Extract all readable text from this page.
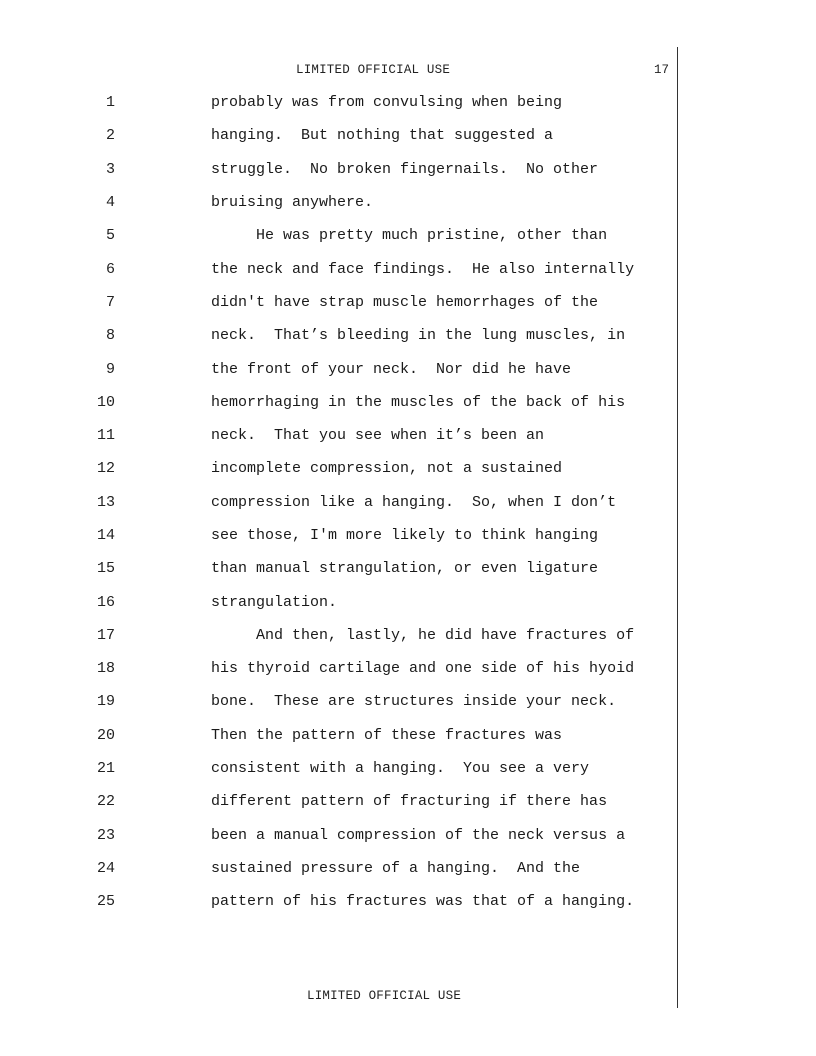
LIMITED OFFICIAL USE	17
1	probably was from convulsing when being
2	hanging.  But nothing that suggested a
3	struggle.  No broken fingernails.  No other
4	bruising anywhere.
5	He was pretty much pristine, other than
6	the neck and face findings.  He also internally
7	didn't have strap muscle hemorrhages of the
8	neck.  That’s bleeding in the lung muscles, in
9	the front of your neck.  Nor did he have
10	hemorrhaging in the muscles of the back of his
11	neck.  That you see when it’s been an
12	incomplete compression, not a sustained
13	compression like a hanging.  So, when I don’t
14	see those, I'm more likely to think hanging
15	than manual strangulation, or even ligature
16	strangulation.
17	And then, lastly, he did have fractures of
18	his thyroid cartilage and one side of his hyoid
19	bone.  These are structures inside your neck.
20	Then the pattern of these fractures was
21	consistent with a hanging.  You see a very
22	different pattern of fracturing if there has
23	been a manual compression of the neck versus a
24	sustained pressure of a hanging.  And the
25	pattern of his fractures was that of a hanging.
LIMITED OFFICIAL USE
